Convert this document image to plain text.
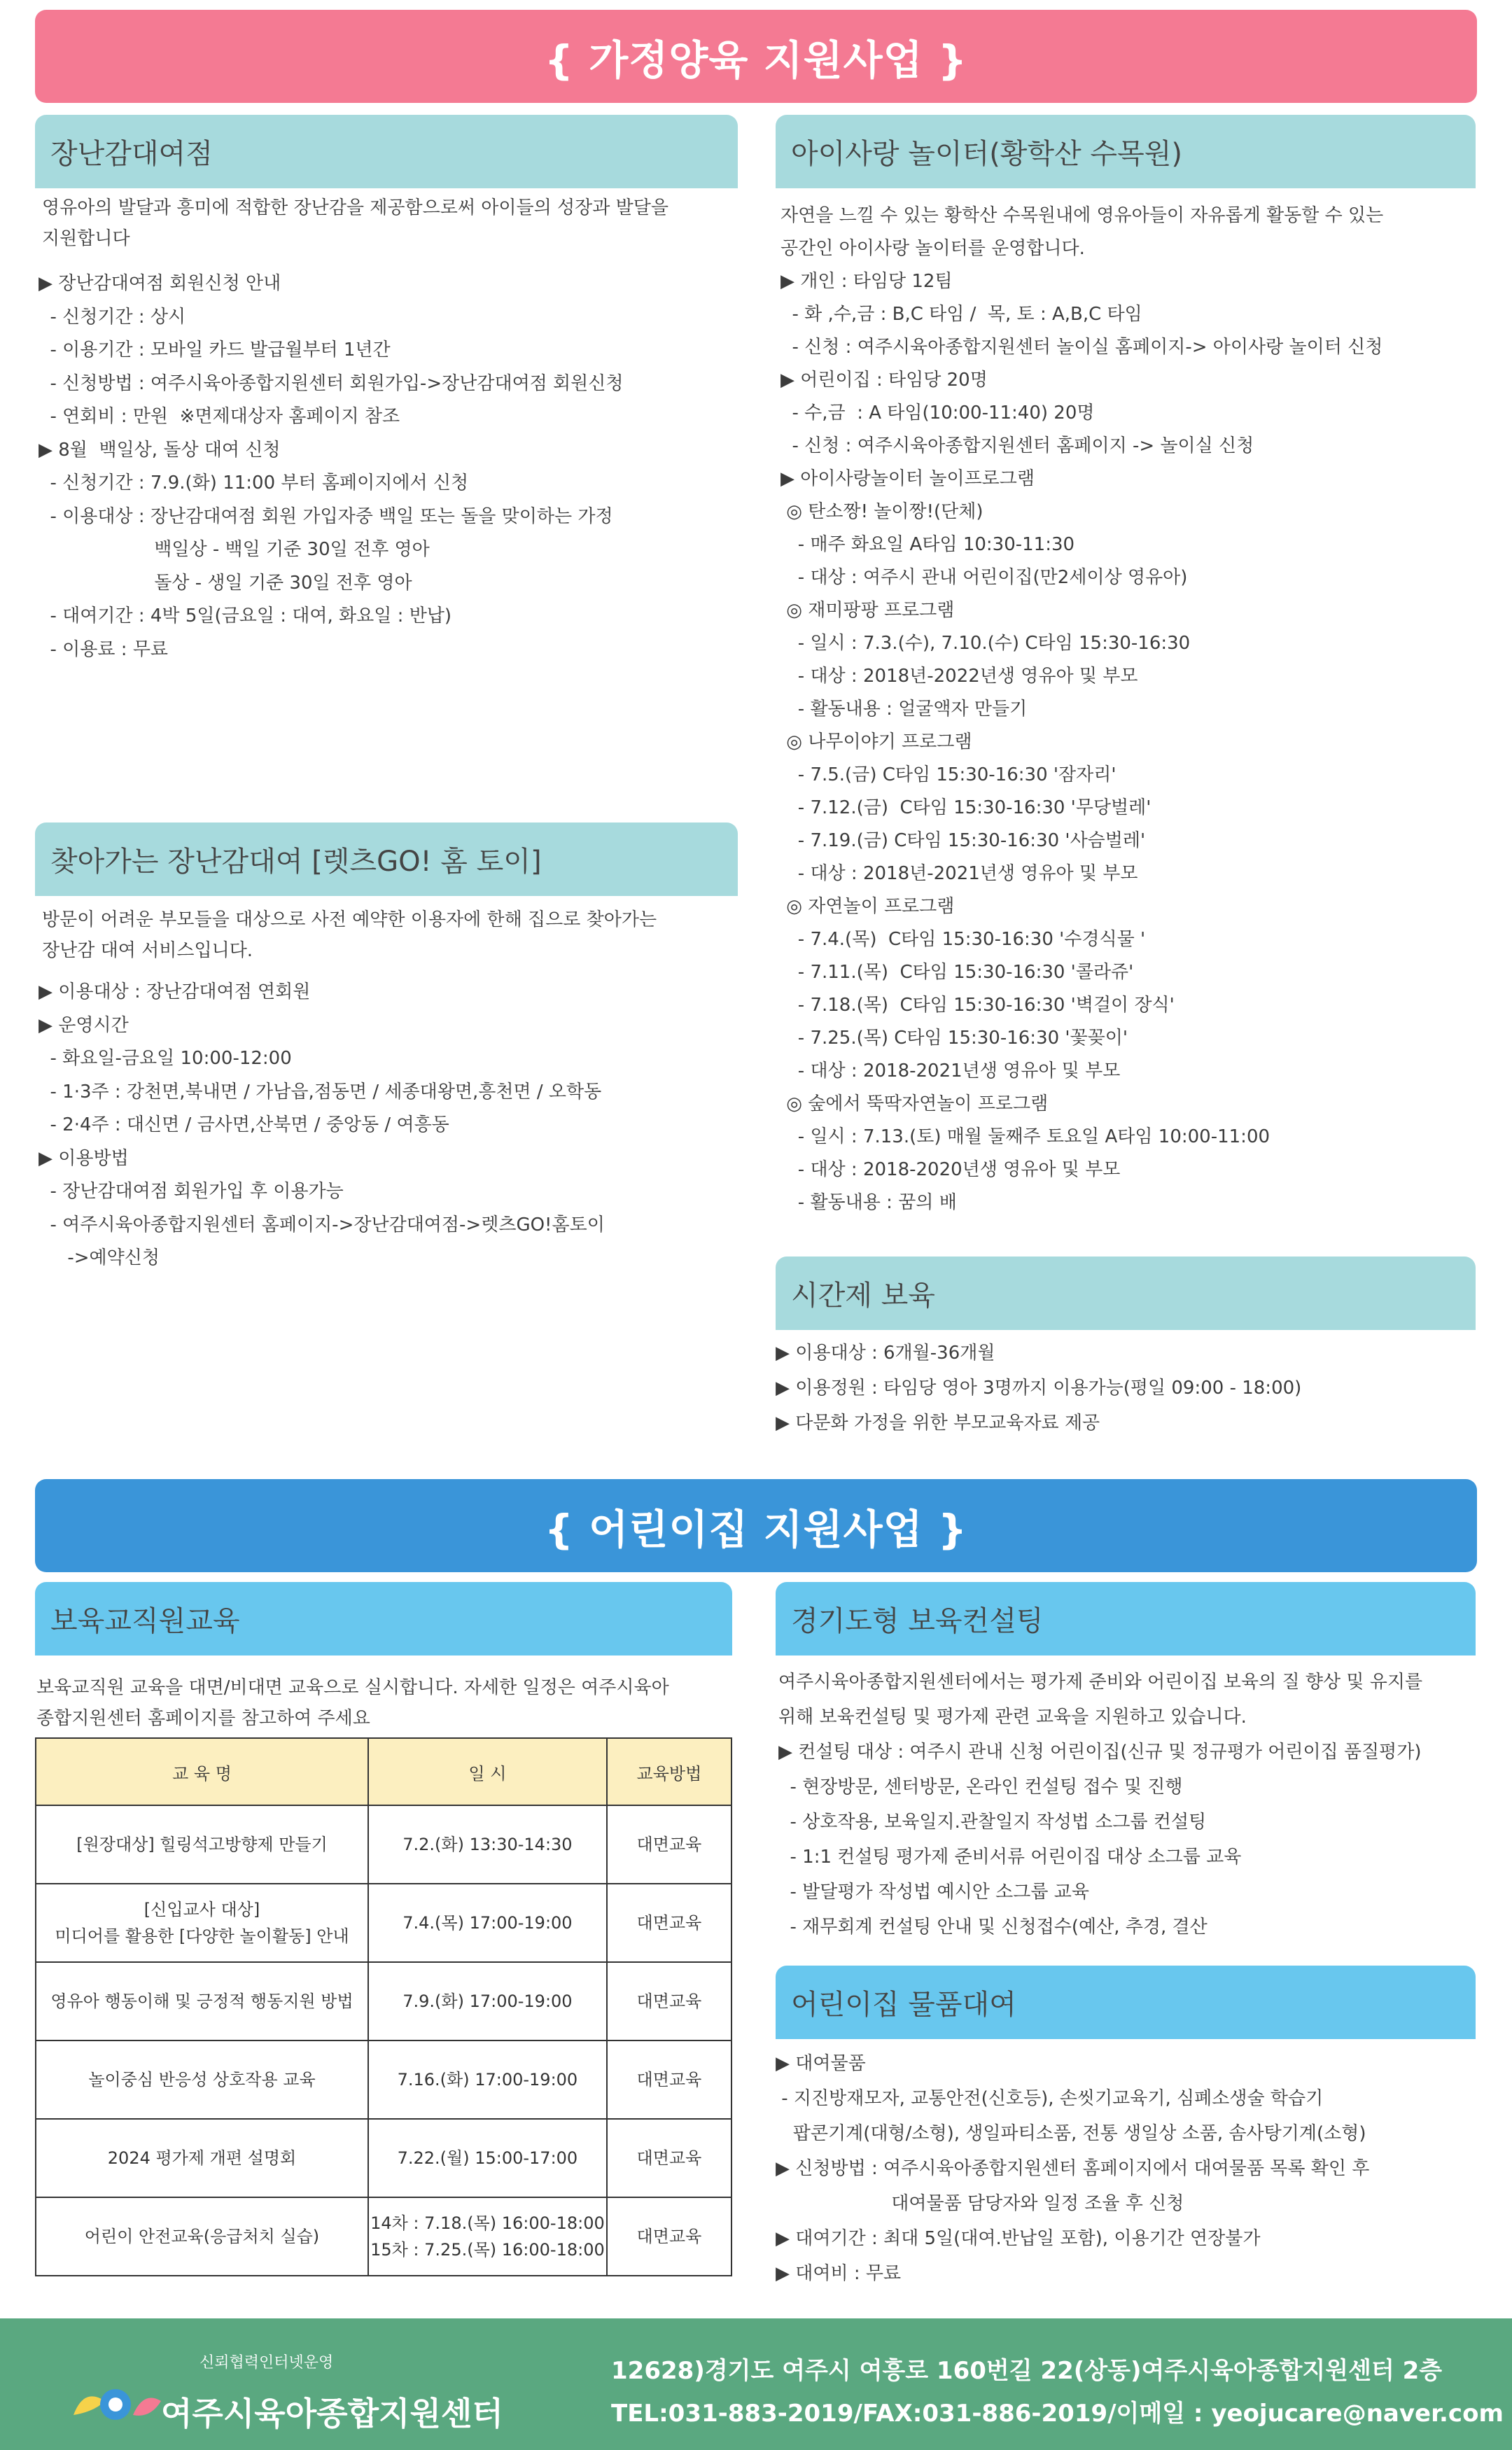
{ 가정양육 지원사업 }
장난감대여점
영유아의 발달과 흥미에 적합한 장난감을 제공함으로써 아이들의 성장과 발달을
지원합니다
▶ 장난감대여점 회원신청 안내
- 신청기간 : 상시
- 이용기간 : 모바일 카드 발급월부터 1년간
- 신청방법 : 여주시육아종합지원센터 회원가입->장난감대여점 회원신청
- 연회비 : 만원  ※면제대상자 홈페이지 참조
▶ 8월  백일상, 돌상 대여 신청
- 신청기간 : 7.9.(화) 11:00 부터 홈페이지에서 신청
- 이용대상 : 장난감대여점 회원 가입자중 백일 또는 돌을 맞이하는 가정
백일상 - 백일 기준 30일 전후 영아
돌상 - 생일 기준 30일 전후 영아
- 대여기간 : 4박 5일(금요일 : 대여, 화요일 : 반납)
- 이용료 : 무료
찾아가는 장난감대여 [렛츠GO! 홈 토이]
방문이 어려운 부모들을 대상으로 사전 예약한 이용자에 한해 집으로 찾아가는
장난감 대여 서비스입니다.
▶ 이용대상 : 장난감대여점 연회원
▶ 운영시간
- 화요일-금요일 10:00-12:00
- 1·3주 : 강천면,북내면 / 가남읍,점동면 / 세종대왕면,흥천면 / 오학동
- 2·4주 : 대신면 / 금사면,산북면 / 중앙동 / 여흥동
▶ 이용방법
- 장난감대여점 회원가입 후 이용가능
- 여주시육아종합지원센터 홈페이지->장난감대여점->렛츠GO!홈토이
->예약신청
아이사랑 놀이터(황학산 수목원)
자연을 느낄 수 있는 황학산 수목원내에 영유아들이 자유롭게 활동할 수 있는
공간인 아이사랑 놀이터를 운영합니다.
▶ 개인 : 타임당 12팀
- 화 ,수,금 : B,C 타임 /  목, 토 : A,B,C 타임
- 신청 : 여주시육아종합지원센터 놀이실 홈페이지-> 아이사랑 놀이터 신청
▶ 어린이집 : 타임당 20명
- 수,금  : A 타임(10:00-11:40) 20명
- 신청 : 여주시육아종합지원센터 홈페이지 -> 놀이실 신청
▶ 아이사랑놀이터 놀이프로그램
◎ 탄소짱! 놀이짱!(단체)
- 매주 화요일 A타임 10:30-11:30
- 대상 : 여주시 관내 어린이집(만2세이상 영유아)
◎ 재미팡팡 프로그램
- 일시 : 7.3.(수), 7.10.(수) C타임 15:30-16:30
- 대상 : 2018년-2022년생 영유아 및 부모
- 활동내용 : 얼굴액자 만들기
◎ 나무이야기 프로그램
- 7.5.(금) C타임 15:30-16:30 '잠자리'
- 7.12.(금)  C타임 15:30-16:30 '무당벌레'
- 7.19.(금) C타임 15:30-16:30 '사슴벌레'
- 대상 : 2018년-2021년생 영유아 및 부모
◎ 자연놀이 프로그램
- 7.4.(목)  C타임 15:30-16:30 '수경식물 '
- 7.11.(목)  C타임 15:30-16:30 '콜라쥬'
- 7.18.(목)  C타임 15:30-16:30 '벽걸이 장식'
- 7.25.(목) C타임 15:30-16:30 '꽃꽂이'
- 대상 : 2018-2021년생 영유아 및 부모
◎ 숲에서 뚝딱자연놀이 프로그램
- 일시 : 7.13.(토) 매월 둘째주 토요일 A타임 10:00-11:00
- 대상 : 2018-2020년생 영유아 및 부모
- 활동내용 : 꿈의 배
시간제 보육
▶ 이용대상 : 6개월-36개월
▶ 이용정원 : 타임당 영아 3명까지 이용가능(평일 09:00 - 18:00)
▶ 다문화 가정을 위한 부모교육자료 제공
{ 어린이집 지원사업 }
보육교직원교육
보육교직원 교육을 대면/비대면 교육으로 실시합니다. 자세한 일정은 여주시육아
종합지원센터 홈페이지를 참고하여 주세요
교 육 명	일 시	교육방법
[원장대상] 힐링석고방향제 만들기	7.2.(화) 13:30-14:30	대면교육
[신입교사 대상]
미디어를 활용한 [다양한 놀이활동] 안내	7.4.(목) 17:00-19:00	대면교육
영유아 행동이해 및 긍정적 행동지원 방법	7.9.(화) 17:00-19:00	대면교육
놀이중심 반응성 상호작용 교육	7.16.(화) 17:00-19:00	대면교육
2024 평가제 개편 설명회	7.22.(월) 15:00-17:00	대면교육
어린이 안전교육(응급처치 실습)	14차 : 7.18.(목) 16:00-18:00
15차 : 7.25.(목) 16:00-18:00	대면교육
경기도형 보육컨설팅
여주시육아종합지원센터에서는 평가제 준비와 어린이집 보육의 질 향상 및 유지를
위해 보육컨설팅 및 평가제 관련 교육을 지원하고 있습니다.
▶ 컨설팅 대상 : 여주시 관내 신청 어린이집(신규 및 정규평가 어린이집 품질평가)
- 현장방문, 센터방문, 온라인 컨설팅 접수 및 진행
- 상호작용, 보육일지.관찰일지 작성법 소그룹 컨설팅
- 1:1 컨설팅 평가제 준비서류 어린이집 대상 소그룹 교육
- 발달평가 작성법 예시안 소그룹 교육
- 재무회계 컨설팅 안내 및 신청접수(예산, 추경, 결산
어린이집 물품대여
▶ 대여물품
- 지진방재모자, 교통안전(신호등), 손씻기교육기, 심폐소생술 학습기
팝콘기계(대형/소형), 생일파티소품, 전통 생일상 소품, 솜사탕기계(소형)
▶ 신청방법 : 여주시육아종합지원센터 홈페이지에서 대여물품 목록 확인 후
대여물품 담당자와 일정 조율 후 신청
▶ 대여기간 : 최대 5일(대여.반납일 포함), 이용기간 연장불가
▶ 대여비 : 무료
신뢰협력인터넷운영
여주시육아종합지원센터
12628)경기도 여주시 여흥로 160번길 22(상동)여주시육아종합지원센터 2층
TEL:031-883-2019/FAX:031-886-2019/이메일 : yeojucare@naver.com
